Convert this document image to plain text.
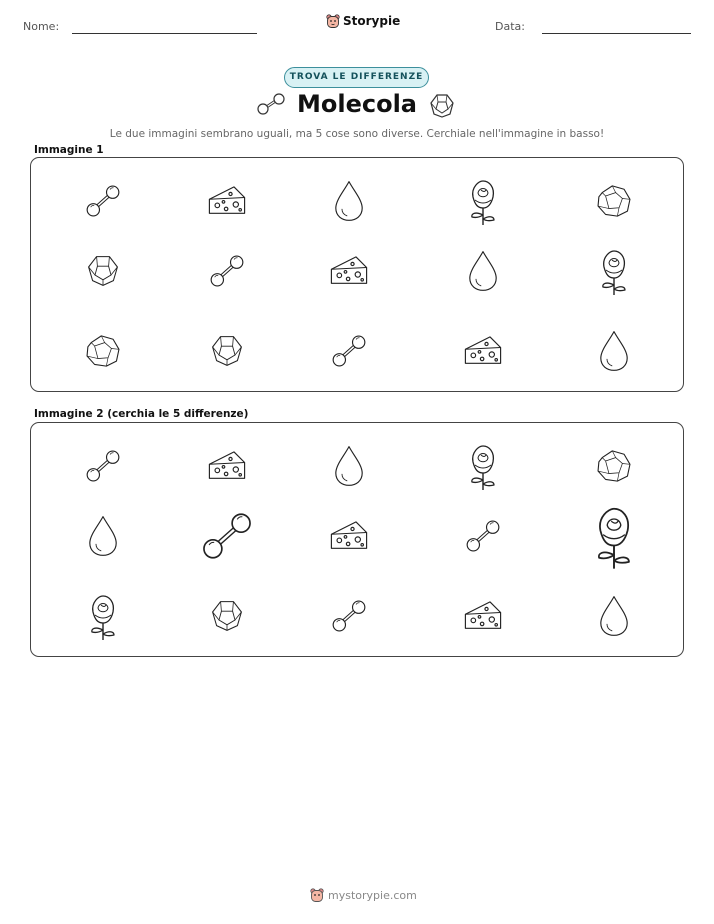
Nome:	Storypie	Data:
TROVA LE DIFFERENZE
Molecola
Le due immagini sembrano uguali, ma 5 cose sono diverse. Cerchiale nell'immagine in basso!
Immagine 1
Immagine 2 (cerchia le 5 differenze)
mystorypie.com
